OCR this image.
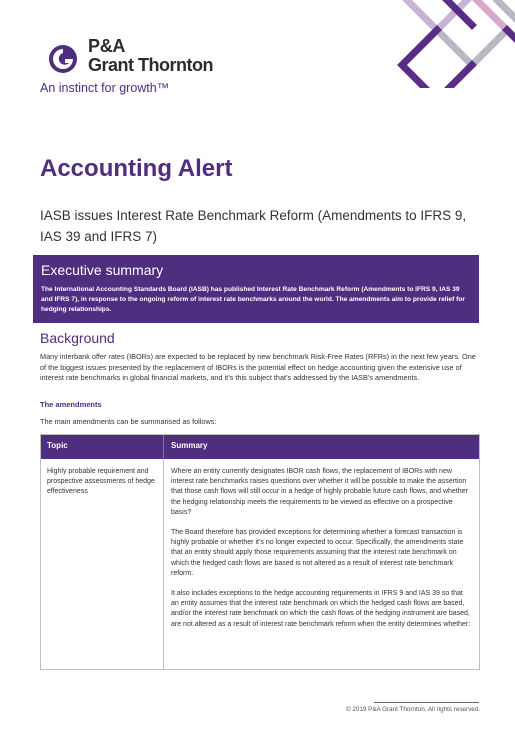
P&A
Grant Thornton
An instinct for growth™
Accounting Alert
IASB issues Interest Rate Benchmark Reform (Amendments to IFRS 9, IAS 39 and IFRS 7)
Executive summary
The International Accounting Standards Board (IASB) has published Interest Rate Benchmark Reform (Amendments to IFRS 9, IAS 39 and IFRS 7), in response to the ongoing reform of interest rate benchmarks around the world. The amendments aim to provide relief for hedging relationships.
Background
Many interbank offer rates (IBORs) are expected to be replaced by new benchmark Risk-Free Rates (RFRs) in the next few years. One of the biggest issues presented by the replacement of IBORs is the potential effect on hedge accounting given the extensive use of interest rate benchmarks in global financial markets, and it’s this subject that’s addressed by the IASB’s amendments.
The amendments
The main amendments can be summarised as follows:
Topic	Summary
Highly probable requirement and prospective assessments of hedge effectiveness

Where an entity currently designates IBOR cash flows, the replacement of IBORs with new interest rate benchmarks raises questions over whether it will be possible to make the assertion that those cash flows will still occur in a hedge of highly probable future cash flows, and whether the hedging relationship meets the requirements to be viewed as effective on a prospective basis?

The Board therefore has provided exceptions for determining whether a forecast transaction is highly probable or whether it’s no longer expected to occur. Specifically, the amendments state that an entity should apply those requirements assuming that the interest rate benchmark on which the hedged cash flows are based is not altered as a result of interest rate benchmark reform.

It also includes exceptions to the hedge accounting requirements in IFRS 9 and IAS 39 so that an entity assumes that the interest rate benchmark on which the hedged cash flows are based, and/or the interest rate benchmark on which the cash flows of the hedging instrument are based, are not altered as a result of interest rate benchmark reform when the entity determines whether:

© 2019 P&A Grant Thornton. All rights reserved.
